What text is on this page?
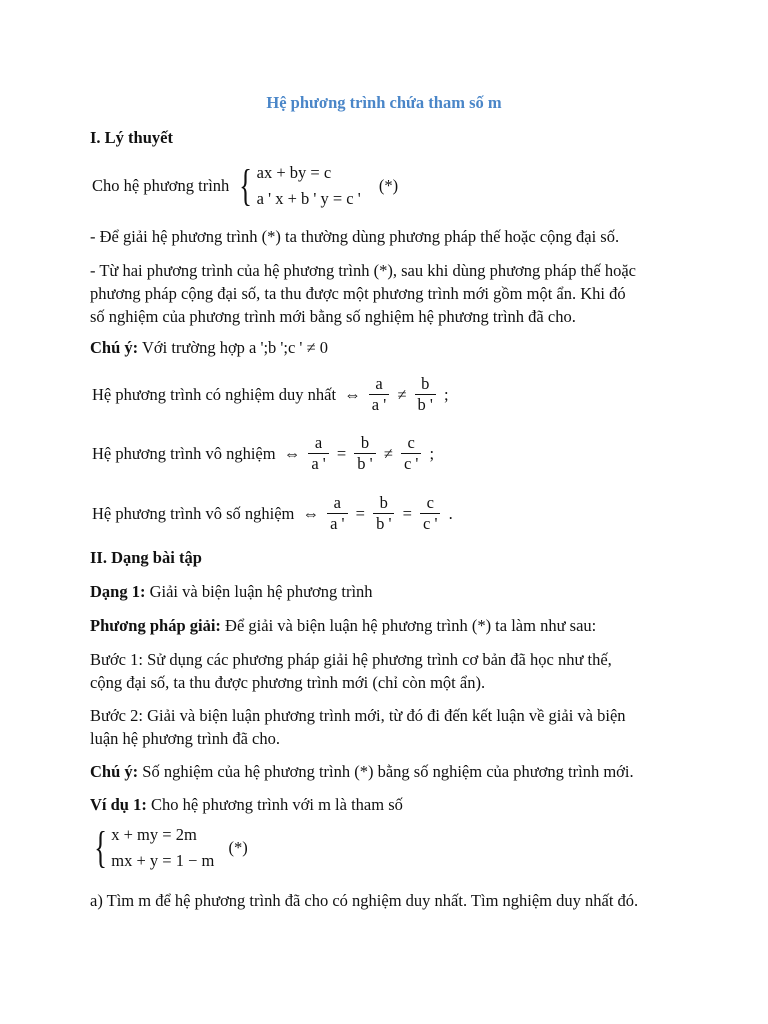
Hệ phương trình chứa tham số m
I. Lý thuyết
Cho hệ phương trình { ax + by = c
a ' x + b ' y = c '
(*)
- Để giải hệ phương trình (*) ta thường dùng phương pháp thế hoặc cộng đại số.
- Từ hai phương trình của hệ phương trình (*), sau khi dùng phương pháp thế hoặc
phương pháp cộng đại số, ta thu được một phương trình mới gồm một ẩn. Khi đó
số nghiệm của phương trình mới bằng số nghiệm hệ phương trình đã cho.
Chú ý: Với trường hợp a ';b ';c ' ≠ 0
Hệ phương trình có nghiệm duy nhất ⇔ $\frac{a}{a '} \ne \frac{b}{b '}$ ;
Hệ phương trình vô nghiệm ⇔ $\frac{a}{a '} = \frac{b}{b '} \ne \frac{c}{c '}$ ;
Hệ phương trình vô số nghiệm ⇔ $\frac{a}{a '} = \frac{b}{b '} = \frac{c}{c '}$ .
II. Dạng bài tập
Dạng 1: Giải và biện luận hệ phương trình
Phương pháp giải: Để giải và biện luận hệ phương trình (*) ta làm như sau:
Bước 1: Sử dụng các phương pháp giải hệ phương trình cơ bản đã học như thế,
cộng đại số, ta thu được phương trình mới (chỉ còn một ẩn).
Bước 2: Giải và biện luận phương trình mới, từ đó đi đến kết luận về giải và biện
luận hệ phương trình đã cho.
Chú ý: Số nghiệm của hệ phương trình (*) bằng số nghiệm của phương trình mới.
Ví dụ 1: Cho hệ phương trình với m là tham số
{ x + my = 2m
mx + y = 1 − m
(*)
a) Tìm m để hệ phương trình đã cho có nghiệm duy nhất. Tìm nghiệm duy nhất đó.
